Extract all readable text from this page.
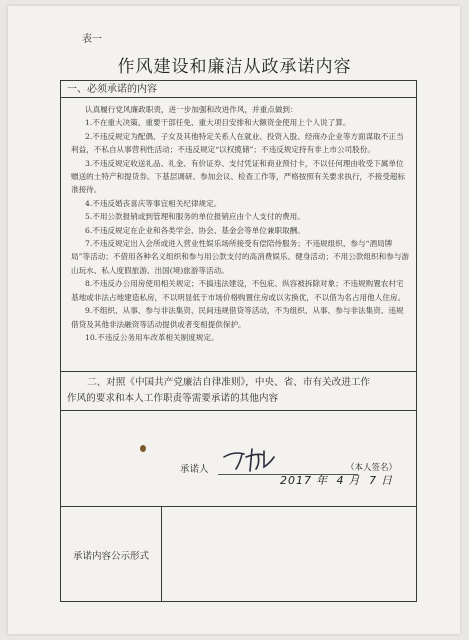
表一
作风建设和廉洁从政承诺内容
一、必须承诺的内容

认真履行党风廉政职责，进一步加强和改进作风，并重点做到：

1.不在重大决策、重要干部任免、重大项目安排和大额资金使用上个人说了算。

2.不违反规定为配偶、子女及其他特定关系人在就业、投资入股、经商办企业等方面谋取不正当利益，不私自从事营利性活动；不违反规定“以权揽储”；不违反规定持有非上市公司股份。

3.不违反规定收送礼品、礼金、有价证券、支付凭证和商业预付卡，不以任何理由收受下属单位赠送的土特产和提货券。下基层调研、参加会议、检查工作等，严格按照有关要求执行，不接受超标准接待。

4.不违反婚丧喜庆等事宜相关纪律规定。

5.不用公款报销或到管理和服务的单位报销应由个人支付的费用。

6.不违反规定在企业和各类学会、协会、基金会等单位兼职取酬。

7.不违反规定出入会所或进入营业性娱乐场所接受有偿陪侍服务；不违规组织、参与“酒局牌局”等活动；不借用各种名义组织和参与用公款支付的高消费娱乐、健身活动；不用公款组织和参与游山玩水、私人度假旅游、出国(境)旅游等活动。

8.不违反办公用房使用相关规定；不搞违法建设，不包庇、纵容被拆除对象；不违规购置农村宅基地或非法占地建造私房，不以明显低于市场价格购置住房或以劣换优，不以借为名占用他人住房。

9.不组织、从事、参与非法集资、民间违规借贷等活动，不为组织、从事、参与非法集资、违规借贷及其他非法融资等活动提供或者变相提供保护。

10.不违反公务用车改革相关制度规定。

二、对照《中国共产党廉洁自律准则》，中央、省、市有关改进工作
作风的要求和本人工作职责等需要承诺的其他内容
承诺内容公示形式
承诺人	（本人签名）
2017 年 4 月 7 日
